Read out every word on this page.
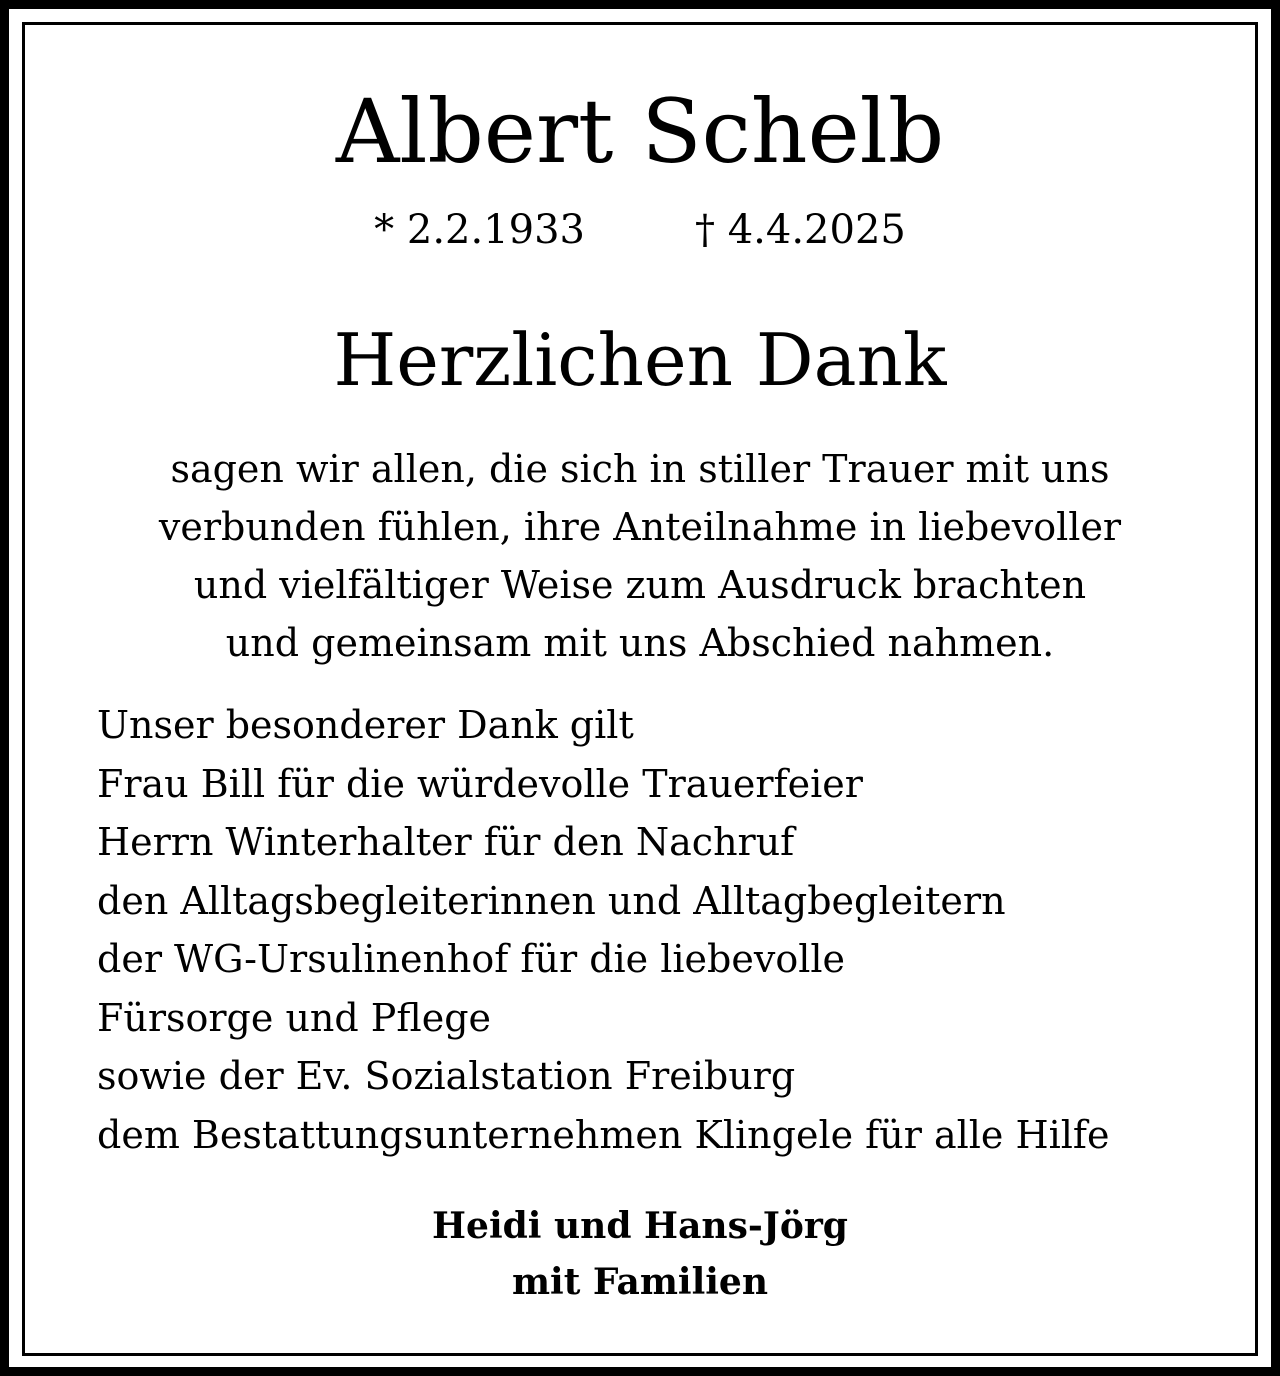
Albert Schelb
* 2.2.1933	† 4.4.2025
Herzlichen Dank
sagen wir allen, die sich in stiller Trauer mit uns
verbunden fühlen, ihre Anteilnahme in liebevoller
und vielfältiger Weise zum Ausdruck brachten
und gemeinsam mit uns Abschied nahmen.
Unser besonderer Dank gilt
Frau Bill für die würdevolle Trauerfeier
Herrn Winterhalter für den Nachruf
den Alltagsbegleiterinnen und Alltagbegleitern
der WG-Ursulinenhof für die liebevolle
Fürsorge und Pflege
sowie der Ev. Sozialstation Freiburg
dem Bestattungsunternehmen Klingele für alle Hilfe
Heidi und Hans-Jörg
mit Familien
